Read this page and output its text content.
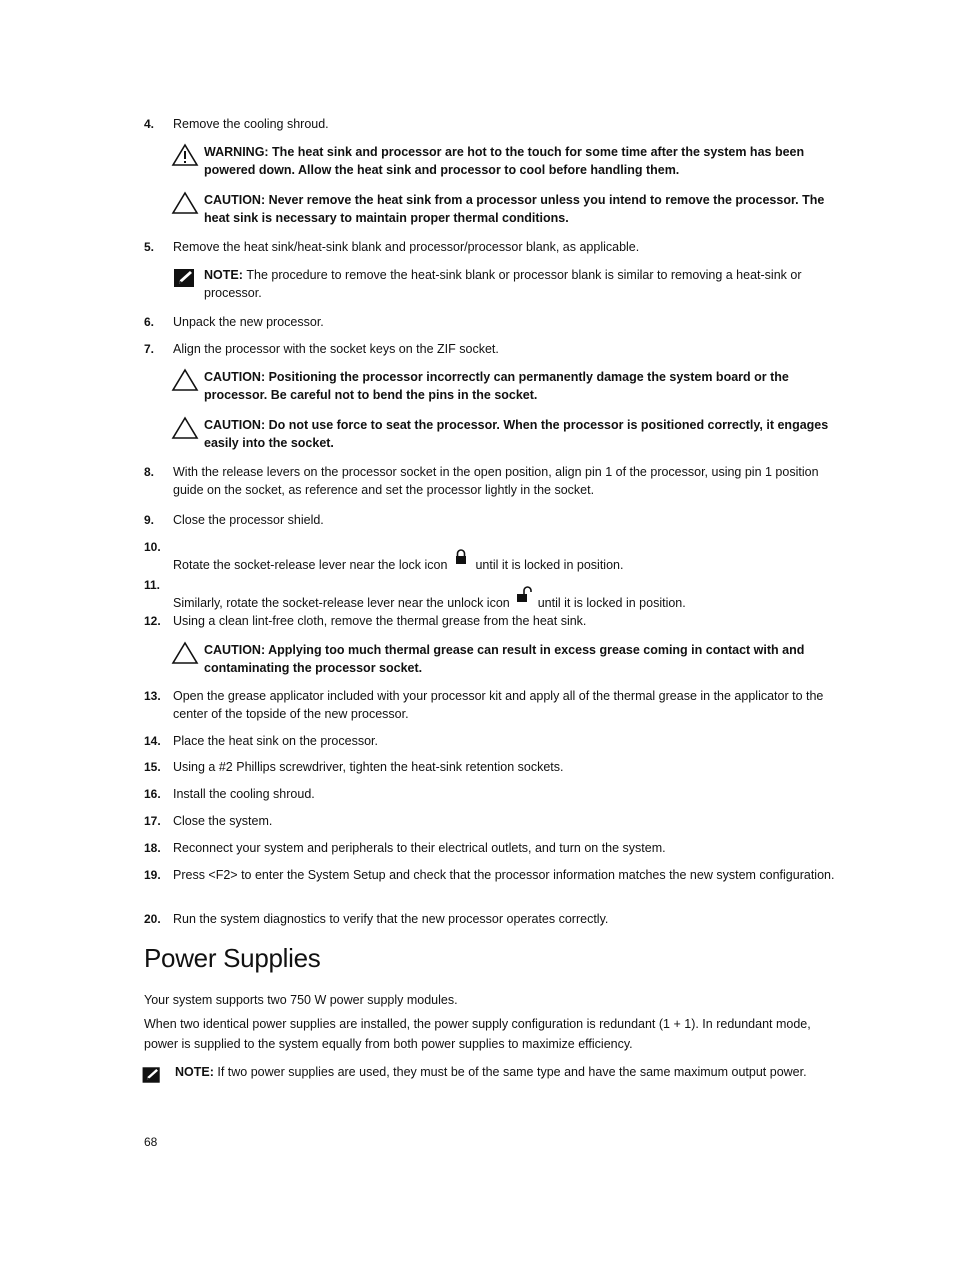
4.	Remove the cooling shroud.
WARNING: The heat sink and processor are hot to the touch for some time after the system has been powered down. Allow the heat sink and processor to cool before handling them.
CAUTION: Never remove the heat sink from a processor unless you intend to remove the processor. The heat sink is necessary to maintain proper thermal conditions.
5.	Remove the heat sink/heat-sink blank and processor/processor blank, as applicable.
NOTE: The procedure to remove the heat-sink blank or processor blank is similar to removing a heat-sink or processor.
6.	Unpack the new processor.
7.	Align the processor with the socket keys on the ZIF socket.
CAUTION: Positioning the processor incorrectly can permanently damage the system board or the processor. Be careful not to bend the pins in the socket.
CAUTION: Do not use force to seat the processor. When the processor is positioned correctly, it engages easily into the socket.
8.	With the release levers on the processor socket in the open position, align pin 1 of the processor, using pin 1 position guide on the socket, as reference and set the processor lightly in the socket.
9.	Close the processor shield.
10.
Rotate the socket-release lever near the lock icon until it is locked in position.
11.
Similarly, rotate the socket-release lever near the unlock icon until it is locked in position.
12. Using a clean lint-free cloth, remove the thermal grease from the heat sink.
CAUTION: Applying too much thermal grease can result in excess grease coming in contact with and contaminating the processor socket.
13. Open the grease applicator included with your processor kit and apply all of the thermal grease in the applicator to the center of the topside of the new processor.
14. Place the heat sink on the processor.
15. Using a #2 Phillips screwdriver, tighten the heat-sink retention sockets.
16. Install the cooling shroud.
17. Close the system.
18. Reconnect your system and peripherals to their electrical outlets, and turn on the system.
19. Press <F2> to enter the System Setup and check that the processor information matches the new system configuration.
20. Run the system diagnostics to verify that the new processor operates correctly.
Power Supplies
Your system supports two 750 W power supply modules.
When two identical power supplies are installed, the power supply configuration is redundant (1 + 1). In redundant mode, power is supplied to the system equally from both power supplies to maximize efficiency.
NOTE: If two power supplies are used, they must be of the same type and have the same maximum output power.
68
